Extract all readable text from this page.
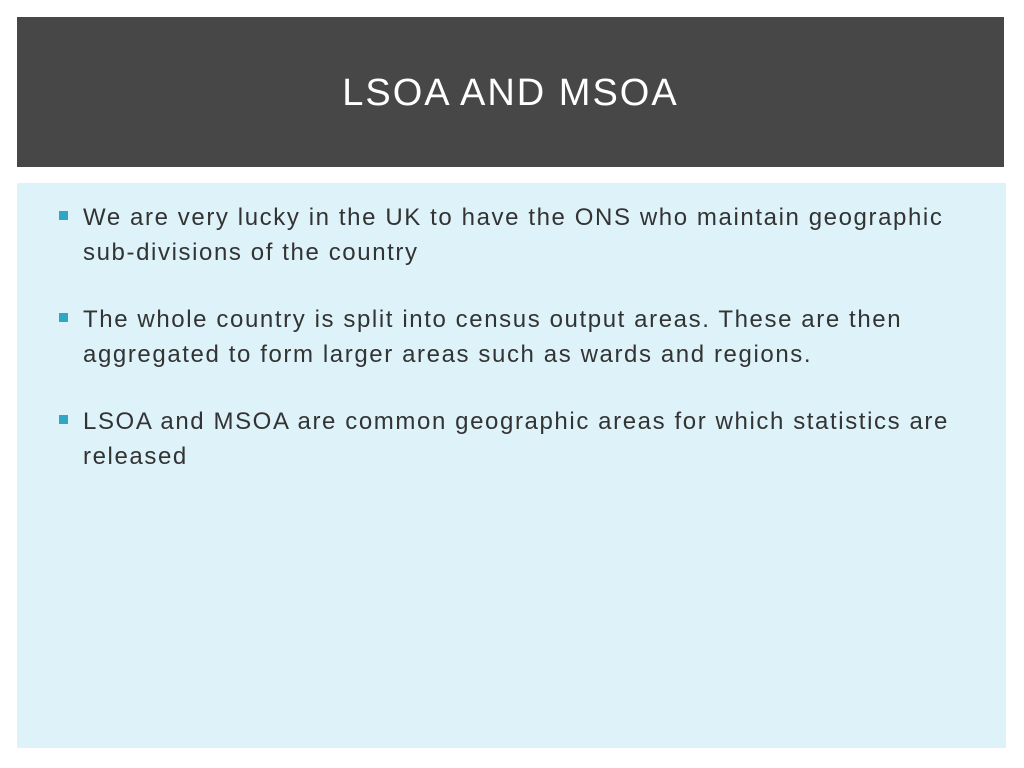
LSOA AND MSOA
We are very lucky in the UK to have the ONS who maintain geographic sub-divisions of the country
The whole country is split into census output areas. These are then aggregated to form larger areas such as wards and regions.
LSOA and MSOA are common geographic areas for which statistics are released
